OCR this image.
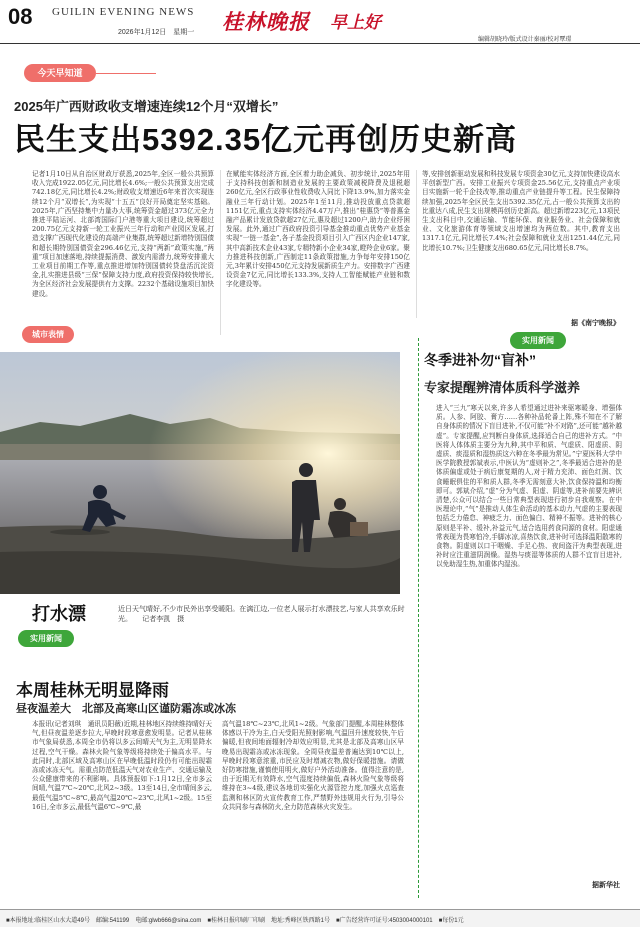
08 GUILIN EVENING NEWS
2026年1月12日　星期一 桂林晚报 早上好
编辑胡晓玲/版式设计秦丽/校对覃璟
今天早知道
2025年广西财政收支增速连续12个月“双增长”
民生支出5392.35亿元再创历史新高

记者1月10日从自治区财政厅获悉,2025年,全区一般公共预算收入完成1922.05亿元,同比增长4.6%;一般公共预算支出完成742.18亿元,同比增长4.2%;财政收支增速近6年来首次实现连续12个月“双增长”,为实现“十五五”良好开局奠定坚实基础。2025年,广西坚持集中力量办大事,统筹资金超过373亿元全力推进平陆运河、北部湾国际门户港等重大项目建设,统筹超过200.75亿元支持新一轮工业振兴三年行动和产业园区发展,打造支撑广西现代化建设的高端产业集群,统筹超过新增特别国债和超长期特别国债资金296.46亿元,支持“两新”政策实施,“两重”项目加速落地,持续提振消费、激发内需潜力,统筹安排重大工业项目前期工作等,重点推进增加特别国债转贷盘活沉淀资金,扎实推进县级“三保”保障支持力度,政府投资保持较快增长,为全区经济社会发展提供有力支撑。2232个基础设施项目加快建设。

在赋能实体经济方面,全区着力助企减负、初步统计,2025年用于支持科技创新和制造业发展的主要政策减税降费及退税超260亿元,全区行政事业性收费收入同比下降13.9%,加力落实金融业三年行动计划。2025年1至11月,推动投放重点贷款超1151亿元,重点支持实体经济4.47万户,推出“桂惠贷”等普惠金融产品累计发放贷款超27亿元,惠及超过1200户,助力企业纾困发展。此外,通过广西政府投资引导基金推动重点优势产业基金实现“一链一基金”,各子基金投资项目引入广西区内企业147家,其中高新技术企业43家,专精特新小企业34家,瞪羚企业6家。聚力推进科技创新,广西制定11条政策措施,力争每年安排150亿元,3年累计安排450亿元支持发展新质生产力。安排数字广西建设资金7亿元,同比增长133.3%,支持人工智能赋能产业链和数字化建设等。

等,安排创新驱动发展和科技发展专项资金30亿元,支持加快建设高水平创新型广西。安排工业振兴专项资金25.56亿元,支持重点产业项目实施新一轮千企技改等,推动重点产业链提升等工程。民生保障持续加强,2025年全区民生支出5392.35亿元,占一般公共预算支出的比重达八成,民生支出规模再创历史新高。超过新增223亿元,13项民生支出科目中,交通运输、节能环保、商业服务业、社会保障和就业、文化旅游体育等领域支出增速均为两位数。其中,教育支出1317.1亿元,同比增长7.4%;社会保障和就业支出1251.44亿元,同比增长10.7%;卫生健康支出680.65亿元,同比增长8.7%。

据《南宁晚报》
城市表情
打水漂	近日天气晴好,不少市民外出享受暖阳。在漓江边,一位老人展示打水漂技艺,与家人共享欢乐时光。 记者李凯　摄
实用新闻
本周桂林无明显降雨
昼夜温差大　北部及高寒山区谨防霜冻或冰冻

本报讯(记者刘琪　通讯员阳薇)近期,桂林地区持续维持晴好天气,但昼夜温差逐步拉大,早晚时段寒意愈发明显。记者从桂林市气象局获悉,本周全市仍将以多云间晴天气为主,无明显降水过程,空气干燥。森林火险气象等级将持续处于偏高水平。与此同时,北部区域及高寒山区在早晚低温时段仍有可能出现霜冻或冰冻天气。需重点防范低温天气对农业生产、交通运输及公众健康带来的不利影响。具体预报如下:1月12日,全市多云间晴,气温7℃~20℃,北风2~3级。13至14日,全市晴间多云,最低气温5℃~8℃,最高气温20℃~23℃,北风1~2级。15至16日,全市多云,最低气温6℃~9℃,最

高气温18℃~23℃,北风1~2级。气象部门提醒,本周桂林整体体感以干冷为主,白天受阳光照射影响,气温回升速度较快,午后偏暖,但夜间地面辐射冷却效应明显,尤其是北部及高寒山区早晚易出现霜冻或冰冻现象。全周昼夜温差普遍达到10℃以上,早晚时段寒意浓重,市民应及时增减衣物,做好保暖措施。请做好防寒措施,谨慎使用明火,做好户外活动准备。值得注意的是,由于近期无有效降水,空气湿度持续偏低,森林火险气象等级将维持在3~4级,建议各地切实强化火源管控力度,加强火点巡查监测和林区防火宣传教育工作,严禁野外违规用火行为,引导公众共同参与森林防火,全力防范森林火灾发生。

实用新闻
冬季进补勿“盲补”
专家提醒辨清体质科学滋养

进入“三九”寒天以来,许多人希望通过进补来驱寒暖身、增强体质。人参、阿胶、膏方……各种补品轮番上阵,殊不知在不了解自身体质的情况下盲目进补,不仅可能“补不对路”,还可能“越补越虚”。专家提醒,应判断自身体质,选择适合自己的进补方式。“中医将人体体质主要分为九种,其中平和质、气虚质、阳虚质、阴虚质、痰湿质和湿热质这六种在冬季最为常见。”宁夏医科大学中医学院教授郭斌表示,中医认为“虚则补之”,冬季最适合进补的是体质偏虚或处于病后康复期的人,对于精力充沛、面色红润、饮食睡眠俱佳的平和质人群,冬季无需刻意大补,饮食保持温和均衡即可。郭斌介绍,“虚”分为气虚、阳虚、阴虚等,进补前要先辨识清楚,公众可以结合一些日常典型表现进行初步自我观察。在中医理论中,“气”是推动人体生命活动的基本动力,气虚的主要表现包括乏力倦怠、神疲乏力、面色偏白、精神不振等。进补的核心原则是平补、缓补,补益元气,适合选用药食同源的食材。阳虚通常表现为畏寒怕冷,手脚冰凉,喜热饮食,进补时可选择温阳散寒的食物。阴虚则以口干咽燥、手足心热、夜间盗汗为典型表现,进补时应注重滋阴润燥。湿热与痰湿等体质的人群不宜盲目进补,以免助湿生热,加重体内湿浊。

据新华社
■本报地址:临桂区山水大道49号　邮编:541199　电邮:glwb666@sina.com　■桂林日报印刷厂印刷　地址:秀峰区铁西路1号　■广告经营许可证号:4503004000101　■每份1元
